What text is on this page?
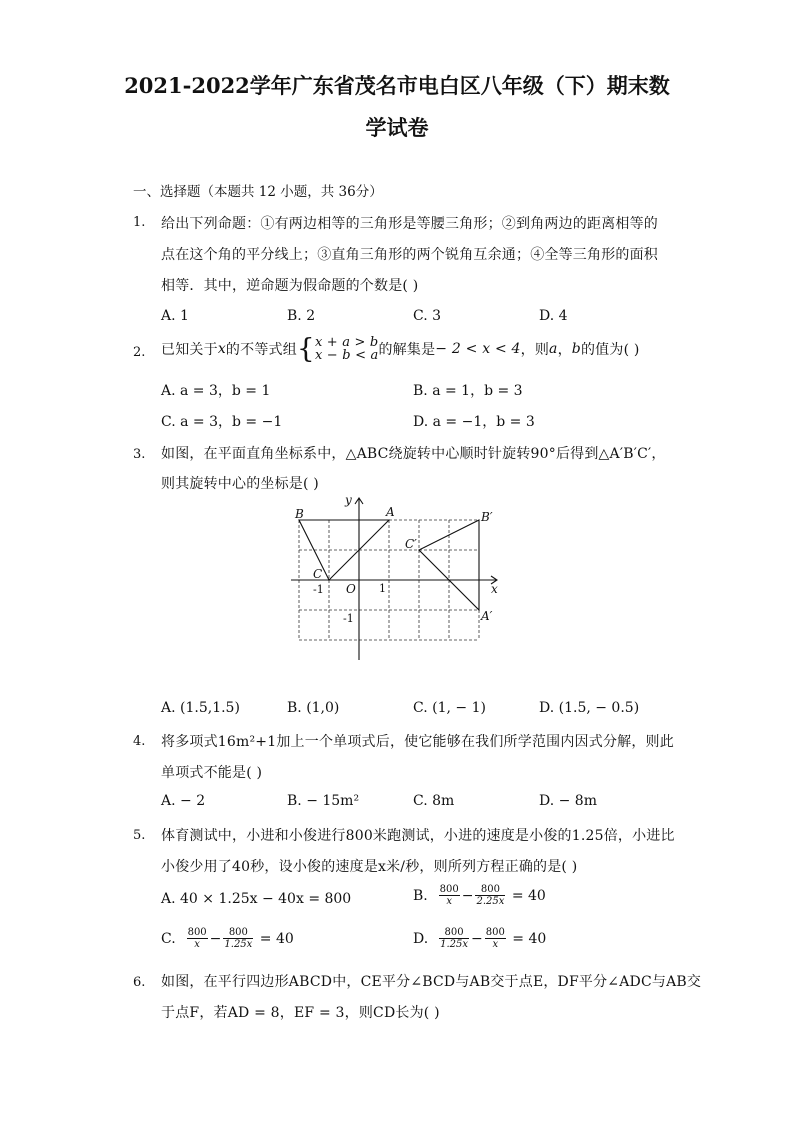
2021-2022学年广东省茂名市电白区八年级（下）期末数
学试卷
一、选择题（本题共 12 小题，共 36分）
1. 给出下列命题：①有两边相等的三角形是等腰三角形；②到角两边的距离相等的
点在这个角的平分线上；③直角三角形的两个锐角互余通；④全等三角形的面积
相等．其中，逆命题为假命题的个数是( )
A. 1	B. 2	C. 3	D. 4
2. 已知关于 x 的不等式组 { x + a > b
x − b < a 的解集是 − 2 < x < 4 ，则 a ， b 的值为( )
A. a = 3，b = 1	B. a = 1，b = 3
C. a = 3，b = −1	D. a = −1，b = 3
3. 如图，在平面直角坐标系中，△ABC绕旋转中心顺时针旋转90°后得到△A′B′C′，
则其旋转中心的坐标是( )
B	A	B′
C′
C
A′
O	x
y
1
-1
-1
A. (1.5,1.5)	B. (1,0)	C. (1, − 1)	D. (1.5, − 0.5)
4. 将多项式16m²+1加上一个单项式后，使它能够在我们所学范围内因式分解，则此
单项式不能是( )
A. − 2	B. − 15m²	C. 8m	D. − 8m
5. 体育测试中，小进和小俊进行800米跑测试，小进的速度是小俊的1.25倍，小进比
小俊少用了40秒，设小俊的速度是x米/秒，则所列方程正确的是( )
A. 40 × 1.25x − 40x = 800	B.
$\frac{800}{x} - \frac{800}{2.25x}$
= 40
C.
$\frac{800}{x} - \frac{800}{1.25x}$
= 40	D.
$\frac{800}{1.25x} - \frac{800}{x}$
= 40
6. 如图，在平行四边形ABCD中，CE平分∠BCD与AB交于点E，DF平分∠ADC与AB交
于点F，若AD = 8，EF = 3，则CD长为( )
